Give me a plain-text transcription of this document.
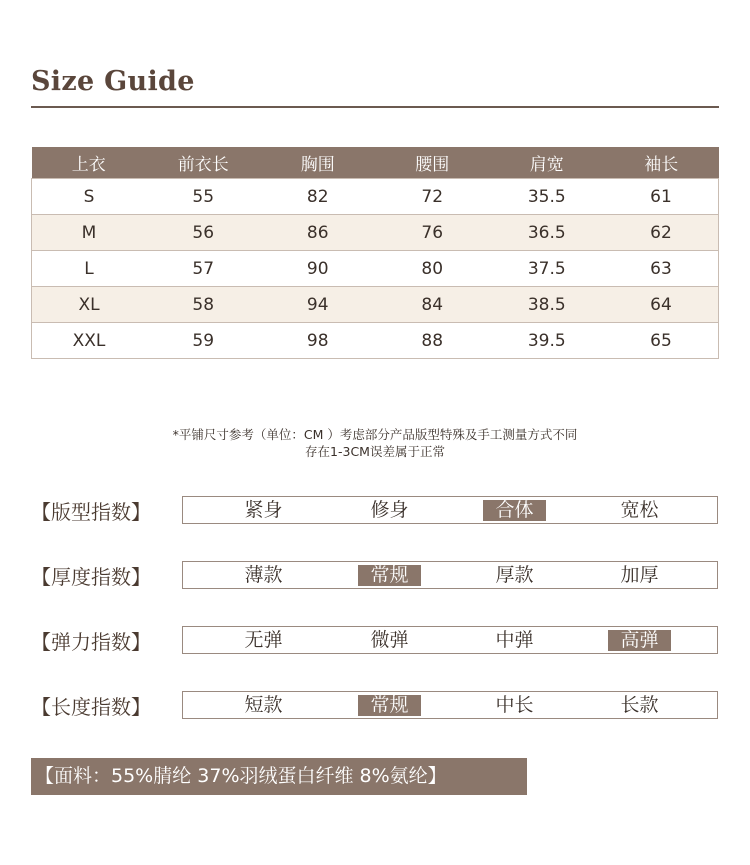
Size Guide
上衣	前衣长	胸围	腰围	肩宽	袖长
S	55	82	72	35.5	61
M	56	86	76	36.5	62
L	57	90	80	37.5	63
XL	58	94	84	38.5	64
XXL	59	98	88	39.5	65
*平铺尺寸参考（单位：CM ）考虑部分产品版型特殊及手工测量方式不同
存在1-3CM误差属于正常
【版型指数】	紧身	修身	合体	宽松
【厚度指数】	薄款	常规	厚款	加厚
【弹力指数】	无弹	微弹	中弹	高弹
【长度指数】	短款	常规	中长	长款
【面料：55%腈纶 37%羽绒蛋白纤维 8%氨纶】
